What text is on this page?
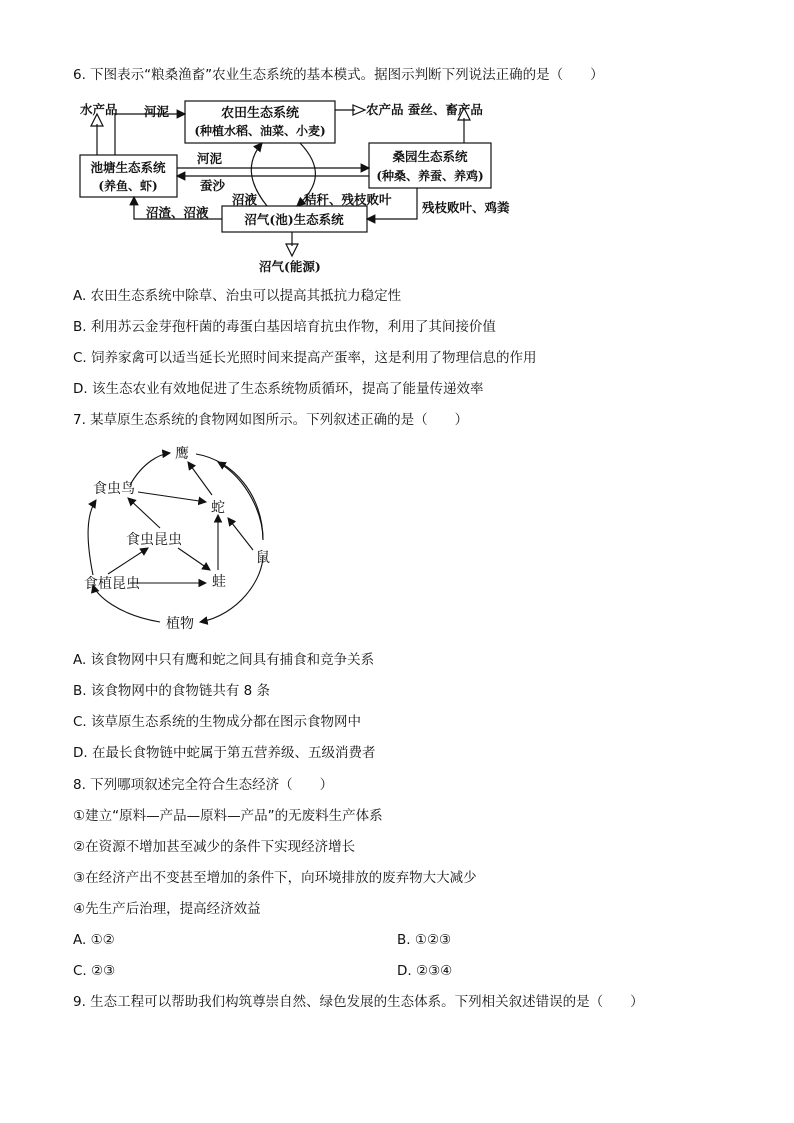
6. 下图表示“粮桑渔畜”农业生态系统的基本模式。据图示判断下列说法正确的是（　　）
农田生态系统
(种植水稻、油菜、小麦)
池塘生态系统
(养鱼、虾)
桑园生态系统
(种桑、养蚕、养鸡)
沼气(池)生态系统
水产品 河泥	农产品 蚕丝、畜产品
河泥
蚕沙
沼液	秸秆、残枝败叶
残枝败叶、鸡粪
沼渣、沼液
沼气(能源)
A. 农田生态系统中除草、治虫可以提高其抵抗力稳定性
B. 利用苏云金芽孢杆菌的毒蛋白基因培育抗虫作物，利用了其间接价值
C. 饲养家禽可以适当延长光照时间来提高产蛋率，这是利用了物理信息的作用
D. 该生态农业有效地促进了生态系统物质循环，提高了能量传递效率
7. 某草原生态系统的食物网如图所示。下列叙述正确的是（　　）
鹰
食虫鸟
蛇
食虫昆虫
鼠
食植昆虫	蛙
植物
A. 该食物网中只有鹰和蛇之间具有捕食和竞争关系
B. 该食物网中的食物链共有 8 条
C. 该草原生态系统的生物成分都在图示食物网中
D. 在最长食物链中蛇属于第五营养级、五级消费者
8. 下列哪项叙述完全符合生态经济（　　）
①建立“原料—产品—原料—产品”的无废料生产体系
②在资源不增加甚至减少的条件下实现经济增长
③在经济产出不变甚至增加的条件下，向环境排放的废弃物大大减少
④先生产后治理，提高经济效益
A. ①②	B. ①②③
C. ②③	D. ②③④
9. 生态工程可以帮助我们构筑尊崇自然、绿色发展的生态体系。下列相关叙述错误的是（　　）
